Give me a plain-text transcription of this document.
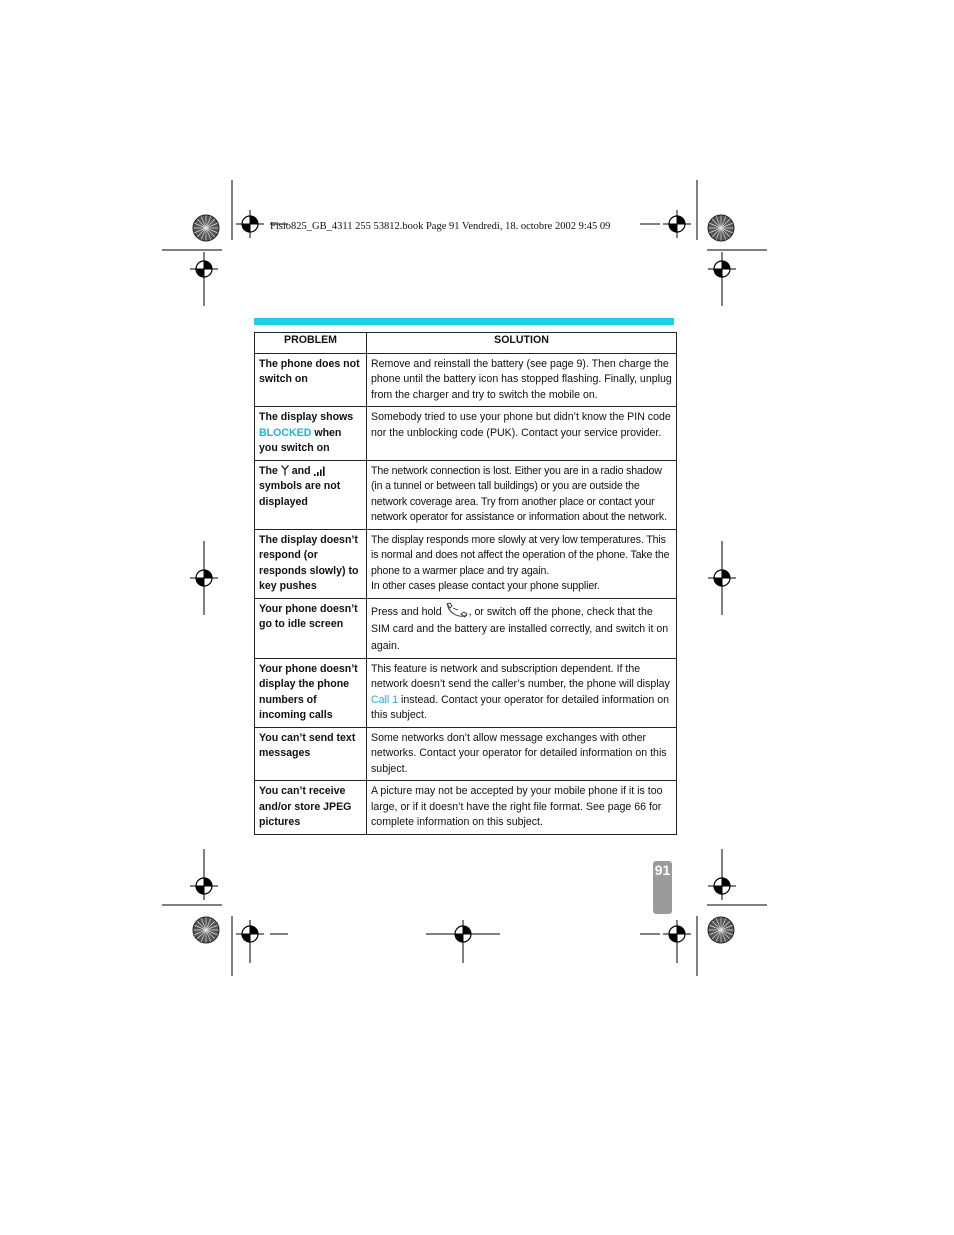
Fisio825_GB_4311 255 53812.book Page 91 Vendredi, 18. octobre 2002 9:45 09
PROBLEM	SOLUTION
The phone does not switch on	Remove and reinstall the battery (see page 9). Then charge the phone until the battery icon has stopped flashing. Finally, unplug from the charger and try to switch the mobile on.
The display shows
BLOCKED when you switch on	Somebody tried to use your phone but didn’t know the PIN code nor the unblocking code (PUK). Contact your service provider.
The  and  symbols are not displayed	The network connection is lost. Either you are in a radio shadow (in a tunnel or between tall buildings) or you are outside the network coverage area. Try from another place or contact your network operator for assistance or information about the network.
The display doesn’t respond (or responds slowly) to key pushes	The display responds more slowly at very low temperatures. This is normal and does not affect the operation of the phone. Take the phone to a warmer place and try again.
In other cases please contact your phone supplier.
Your phone doesn’t go to idle screen	Press and hold , or switch off the phone, check that the SIM card and the battery are installed correctly, and switch it on again.
Your phone doesn’t display the phone numbers of incoming calls	This feature is network and subscription dependent. If the network doesn’t send the caller’s number, the phone will display Call 1 instead. Contact your operator for detailed information on this subject.
You can’t send text messages	Some networks don’t allow message exchanges with other networks. Contact your operator for detailed information on this subject.
You can’t receive and/or store JPEG pictures	A picture may not be accepted by your mobile phone if it is too large, or if it doesn’t have the right file format. See page 66 for complete information on this subject.
91
